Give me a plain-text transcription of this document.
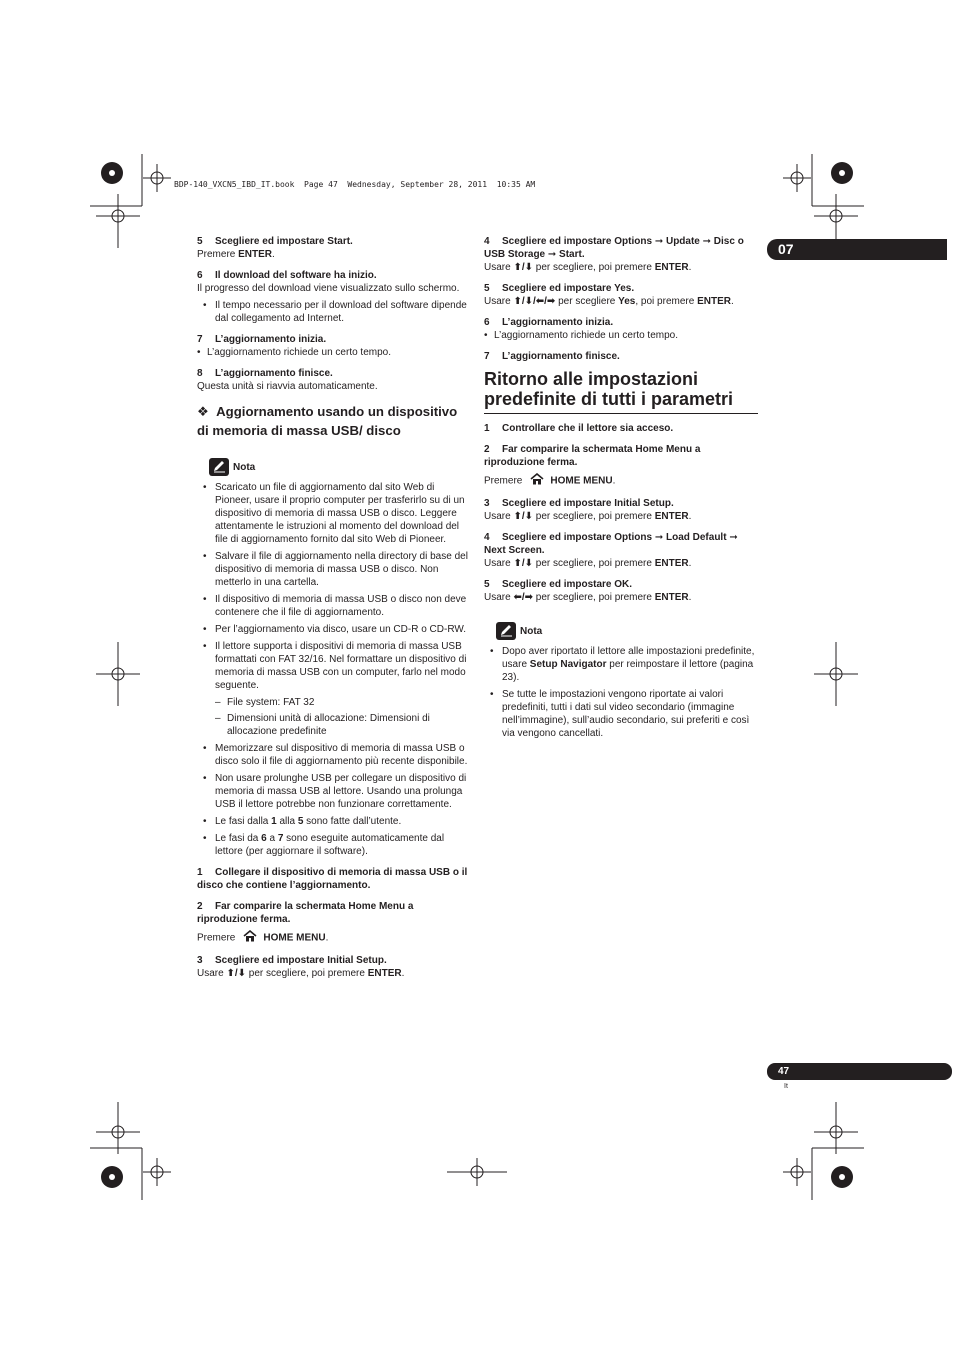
BDP-140_VXCN5_IBD_IT.book  Page 47  Wednesday, September 28, 2011  10:35 AM
07
47
It

5 Scegliere ed impostare Start.

Premere ENTER.

6 Il download del software ha inizio.

Il progresso del download viene visualizzato sullo schermo.

• Il tempo necessario per il download del software dipende dal collegamento ad Internet.

7 L’aggiornamento inizia.

• L’aggiornamento richiede un certo tempo.

8 L’aggiornamento finisce.

Questa unità si riavvia automaticamente.

❖ Aggiornamento usando un dispositivo di memoria di massa USB/ disco

Nota
• Scaricato un file di aggiornamento dal sito Web di Pioneer, usare il proprio computer per trasferirlo su di un dispositivo di memoria di massa USB o disco. Leggere attentamente le istruzioni al momento del download del file di aggiornamento fornito dal sito Web di Pioneer.
• Salvare il file di aggiornamento nella directory di base del dispositivo di memoria di massa USB o disco. Non metterlo in una cartella.
• Il dispositivo di memoria di massa USB o disco non deve contenere che il file di aggiornamento.
• Per l’aggiornamento via disco, usare un CD-R o CD-RW.
• Il lettore supporta i dispositivi di memoria di massa USB formattati con FAT 32/16. Nel formattare un dispositivo di memoria di massa USB con un computer, farlo nel modo seguente.
– File system: FAT 32
– Dimensioni unità di allocazione: Dimensioni di allocazione predefinite
• Memorizzare sul dispositivo di memoria di massa USB o disco solo il file di aggiornamento più recente disponibile.
• Non usare prolunghe USB per collegare un dispositivo di memoria di massa USB al lettore. Usando una prolunga USB il lettore potrebbe non funzionare correttamente.
• Le fasi dalla 1 alla 5 sono fatte dall’utente.
• Le fasi da 6 a 7 sono eseguite automaticamente dal lettore (per aggiornare il software).

1 Collegare il dispositivo di memoria di massa USB o il disco che contiene l’aggiornamento.

2 Far comparire la schermata Home Menu a riproduzione ferma.

Premere	HOME MENU.

3 Scegliere ed impostare Initial Setup.

Usare ⬆/⬇ per scegliere, poi premere ENTER.

4 Scegliere ed impostare Options ➞ Update ➞ Disc o USB Storage ➞ Start.

Usare ⬆/⬇ per scegliere, poi premere ENTER.

5 Scegliere ed impostare Yes.

Usare ⬆/⬇/⬅/➡ per scegliere Yes, poi premere ENTER.

6 L’aggiornamento inizia.

• L’aggiornamento richiede un certo tempo.

7 L’aggiornamento finisce.

Ritorno alle impostazioni predefinite di tutti i parametri

1 Controllare che il lettore sia acceso.

2 Far comparire la schermata Home Menu a riproduzione ferma.

Premere	HOME MENU.

3 Scegliere ed impostare Initial Setup.

Usare ⬆/⬇ per scegliere, poi premere ENTER.

4 Scegliere ed impostare Options ➞ Load Default ➞ Next Screen.

Usare ⬆/⬇ per scegliere, poi premere ENTER.

5 Scegliere ed impostare OK.

Usare ⬅/➡ per scegliere, poi premere ENTER.

Nota
• Dopo aver riportato il lettore alle impostazioni predefinite, usare Setup Navigator per reimpostare il lettore (pagina 23).
• Se tutte le impostazioni vengono riportate ai valori predefiniti, tutti i dati sul video secondario (immagine nell’immagine), sull’audio secondario, sui preferiti e così via vengono cancellati.
